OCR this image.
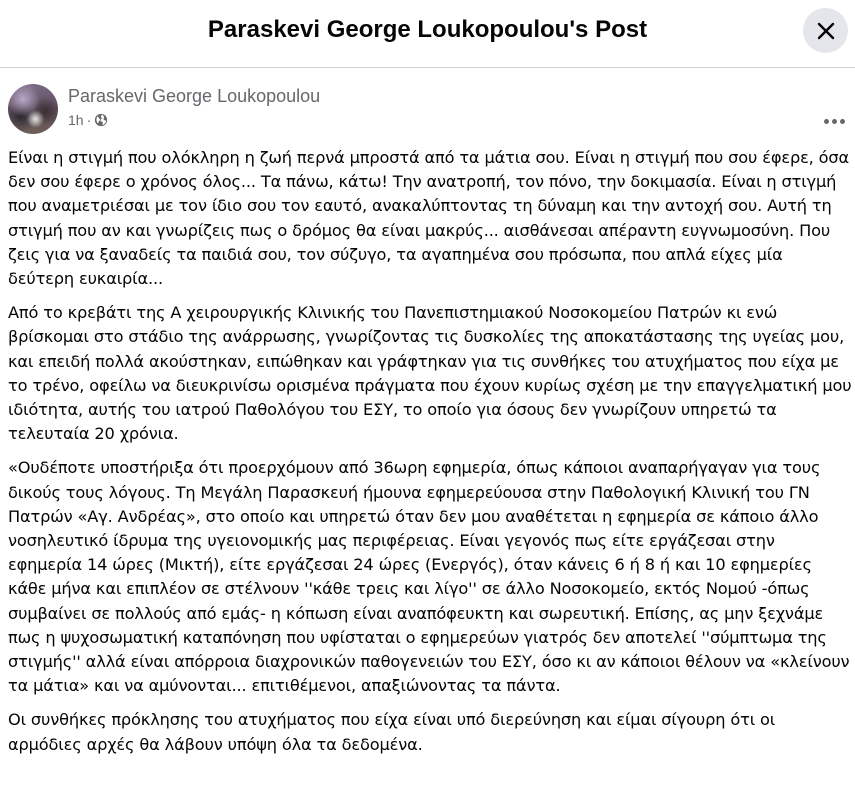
Paraskevi George Loukopoulou's Post
Paraskevi George Loukopoulou
1h ·

Είναι η στιγμή που ολόκληρη η ζωή περνά μπροστά από τα μάτια σου. Είναι η στιγμή που σου έφερε, όσα δεν σου έφερε ο χρόνος όλος... Τα πάνω, κάτω! Την ανατροπή, τον πόνο, την δοκιμασία. Είναι η στιγμή που αναμετριέσαι με τον ίδιο σου τον εαυτό, ανακαλύπτοντας τη δύναμη και την αντοχή σου. Αυτή τη στιγμή που αν και γνωρίζεις πως ο δρόμος θα είναι μακρύς... αισθάνεσαι απέραντη ευγνωμοσύνη. Που ζεις για να ξαναδείς τα παιδιά σου, τον σύζυγο, τα αγαπημένα σου πρόσωπα, που απλά είχες μία δεύτερη ευκαιρία...

Από το κρεβάτι της Α χειρουργικής Κλινικής του Πανεπιστημιακού Νοσοκομείου Πατρών κι ενώ βρίσκομαι στο στάδιο της ανάρρωσης, γνωρίζοντας τις δυσκολίες της αποκατάστασης της υγείας μου, και επειδή πολλά ακούστηκαν, ειπώθηκαν και γράφτηκαν για τις συνθήκες του ατυχήματος που είχα με το τρένο, οφείλω να διευκρινίσω ορισμένα πράγματα που έχουν κυρίως σχέση με την επαγγελματική μου ιδιότητα, αυτής του ιατρού Παθολόγου του ΕΣΥ, το οποίο για όσους δεν γνωρίζουν υπηρετώ τα τελευταία 20 χρόνια.

«Ουδέποτε υποστήριξα ότι προερχόμουν από 36ωρη εφημερία, όπως κάποιοι αναπαρήγαγαν για τους δικούς τους λόγους. Τη Μεγάλη Παρασκευή ήμουνα εφημερεύουσα στην Παθολογική Κλινική του ΓΝ Πατρών «Αγ. Ανδρέας», στο οποίο και υπηρετώ όταν δεν μου αναθέτεται η εφημερία σε κάποιο άλλο νοσηλευτικό ίδρυμα της υγειονομικής μας περιφέρειας. Είναι γεγονός πως είτε εργάζεσαι στην εφημερία 14 ώρες (Μικτή), είτε εργάζεσαι 24 ώρες (Ενεργός), όταν κάνεις 6 ή 8 ή και 10 εφημερίες κάθε μήνα και επιπλέον σε στέλνουν ''κάθε τρεις και λίγο'' σε άλλο Νοσοκομείο, εκτός Νομού -όπως συμβαίνει σε πολλούς από εμάς- η κόπωση είναι αναπόφευκτη και σωρευτική. Επίσης, ας μην ξεχνάμε πως η ψυχοσωματική καταπόνηση που υφίσταται ο εφημερεύων γιατρός δεν αποτελεί ''σύμπτωμα της στιγμής'' αλλά είναι απόρροια διαχρονικών παθογενειών του ΕΣΥ, όσο κι αν κάποιοι θέλουν να «κλείνουν τα μάτια» και να αμύνονται... επιτιθέμενοι, απαξιώνοντας τα πάντα.

Οι συνθήκες πρόκλησης του ατυχήματος που είχα είναι υπό διερεύνηση και είμαι σίγουρη ότι οι αρμόδιες αρχές θα λάβουν υπόψη όλα τα δεδομένα.
